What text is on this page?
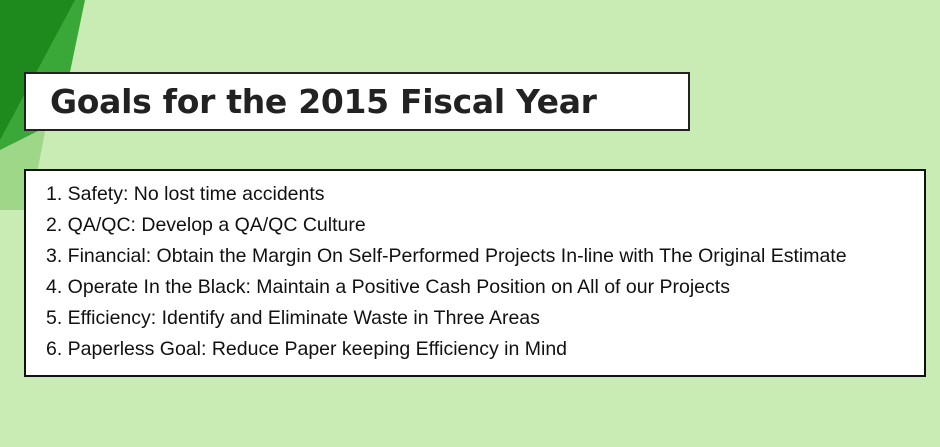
Goals for the 2015 Fiscal Year
1. Safety: No lost time accidents
2. QA/QC: Develop a QA/QC Culture
3. Financial: Obtain the Margin On Self-Performed Projects In-line with The Original Estimate
4. Operate In the Black: Maintain a Positive Cash Position on All of our Projects
5. Efficiency: Identify and Eliminate Waste in Three Areas
6. Paperless Goal: Reduce Paper keeping Efficiency in Mind
